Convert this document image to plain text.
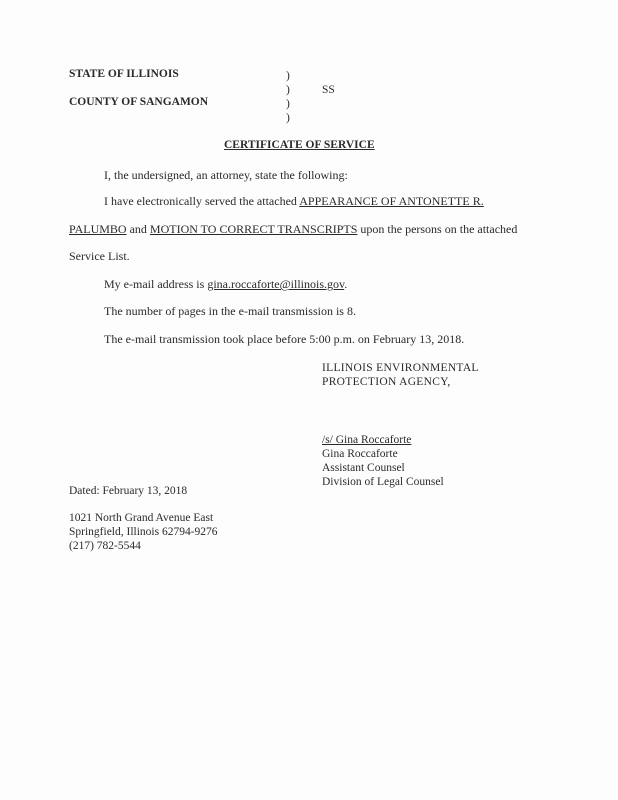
STATE OF ILLINOIS
COUNTY OF SANGAMON
)
)
)
)
SS
CERTIFICATE OF SERVICE
I, the undersigned, an attorney, state the following:
I have electronically served the attached APPEARANCE OF ANTONETTE R.
PALUMBO and MOTION TO CORRECT TRANSCRIPTS upon the persons on the attached
Service List.
My e-mail address is gina.roccaforte@illinois.gov.
The number of pages in the e-mail transmission is 8.
The e-mail transmission took place before 5:00 p.m. on February 13, 2018.
ILLINOIS ENVIRONMENTAL
PROTECTION AGENCY,
/s/ Gina Roccaforte
Gina Roccaforte
Assistant Counsel
Division of Legal Counsel
Dated: February 13, 2018
1021 North Grand Avenue East
Springfield, Illinois 62794-9276
(217) 782-5544
